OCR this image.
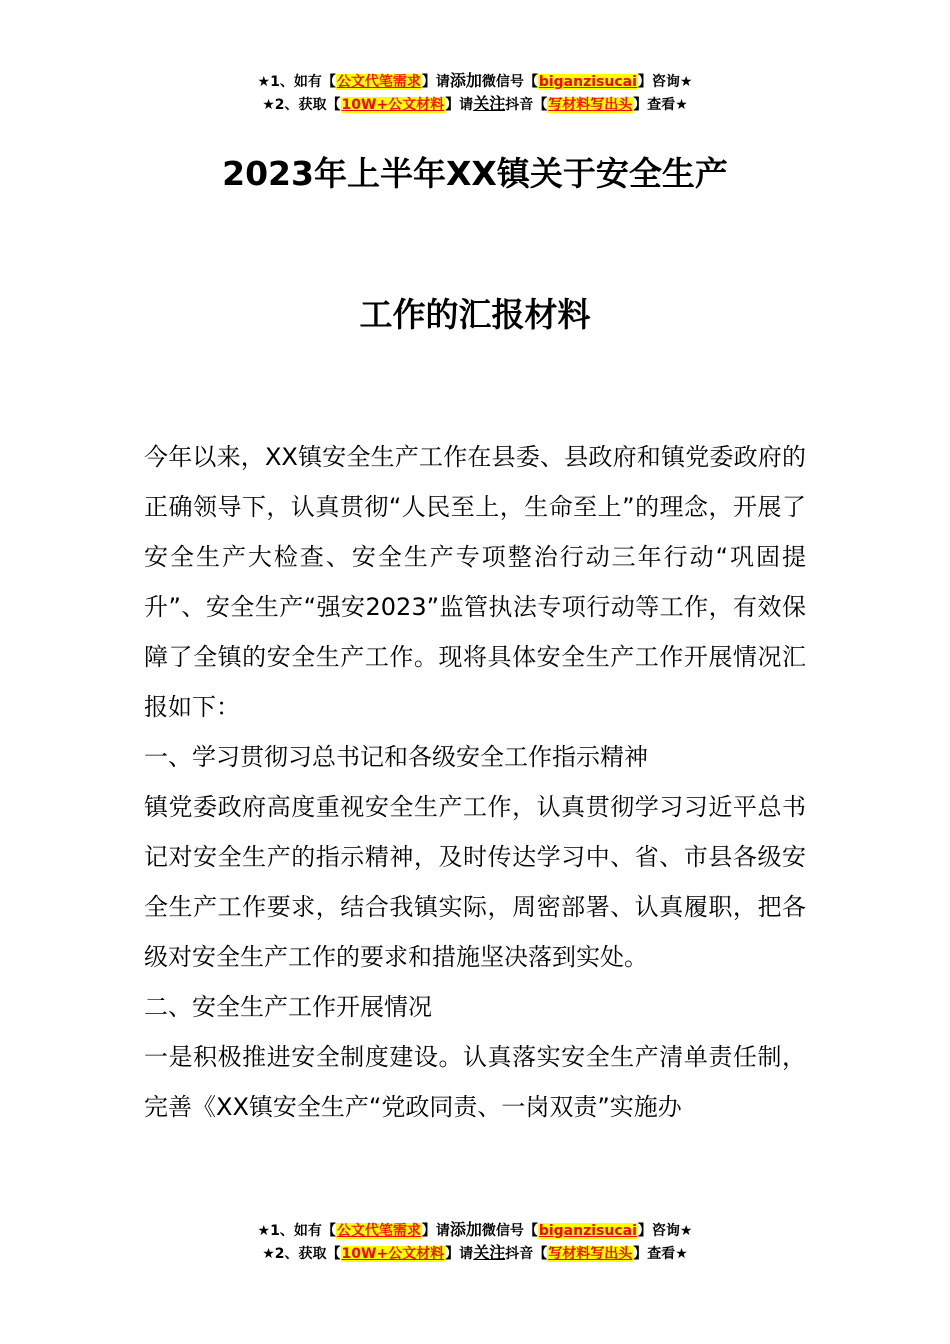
★1、如有【公文代笔需求】请添加微信号【biganzisucai】咨询★
★2、获取【10W+公文材料】请关注抖音【写材料写出头】查看★
2023年上半年XX镇关于安全生产
工作的汇报材料

今年以来，XX镇安全生产工作在县委、县政府和镇党委政府的正确领导下，认真贯彻“人民至上，生命至上”的理念，开展了安全生产大检查、安全生产专项整治行动三年行动“巩固提升”、安全生产“强安2023”监管执法专项行动等工作，有效保障了全镇的安全生产工作。现将具体安全生产工作开展情况汇报如下：

一、学习贯彻习总书记和各级安全工作指示精神

镇党委政府高度重视安全生产工作，认真贯彻学习习近平总书记对安全生产的指示精神，及时传达学习中、省、市县各级安全生产工作要求，结合我镇实际，周密部署、认真履职，把各级对安全生产工作的要求和措施坚决落到实处。

二、安全生产工作开展情况

一是积极推进安全制度建设。认真落实安全生产清单责任制，完善《XX镇安全生产“党政同责、一岗双责”实施办

★1、如有【公文代笔需求】请添加微信号【biganzisucai】咨询★
★2、获取【10W+公文材料】请关注抖音【写材料写出头】查看★
